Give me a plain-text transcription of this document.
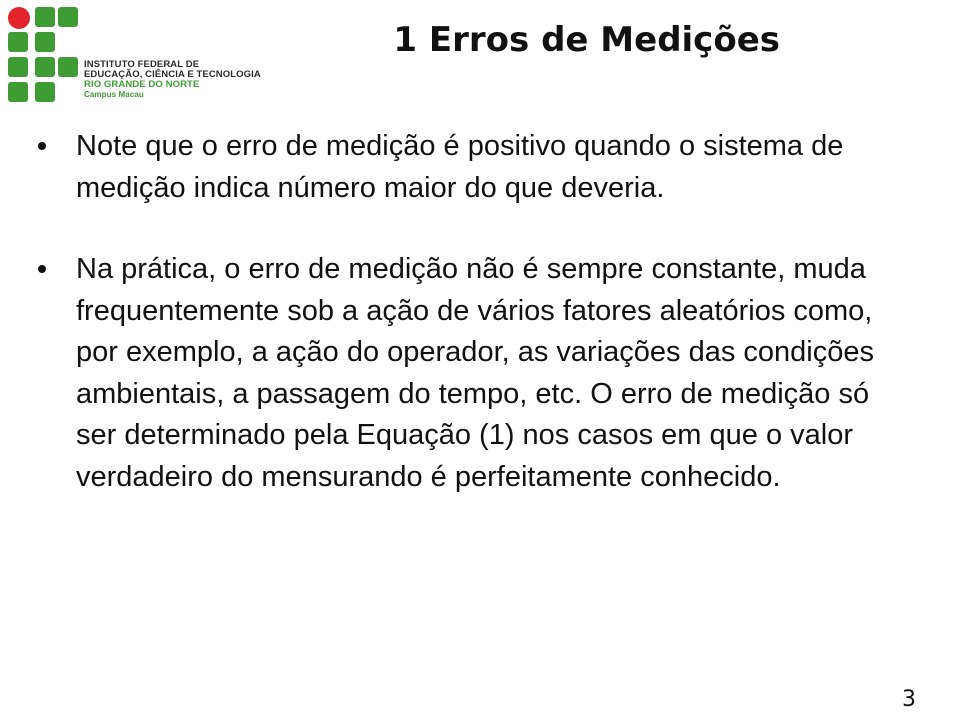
INSTITUTO FEDERAL DE
EDUCAÇÃO, CIÊNCIA E TECNOLOGIA
RIO GRANDE DO NORTE
Campus Macau
1 Erros de Medições
Note que o erro de medição é positivo quando o sistema de medição indica número maior do que deveria.
Na prática, o erro de medição não é sempre constante, muda frequentemente sob a ação de vários fatores aleatórios como, por exemplo, a ação do operador, as variações das condições ambientais, a passagem do tempo, etc. O erro de medição só ser determinado pela Equação (1) nos casos em que o valor verdadeiro do mensurando é perfeitamente conhecido.
3
